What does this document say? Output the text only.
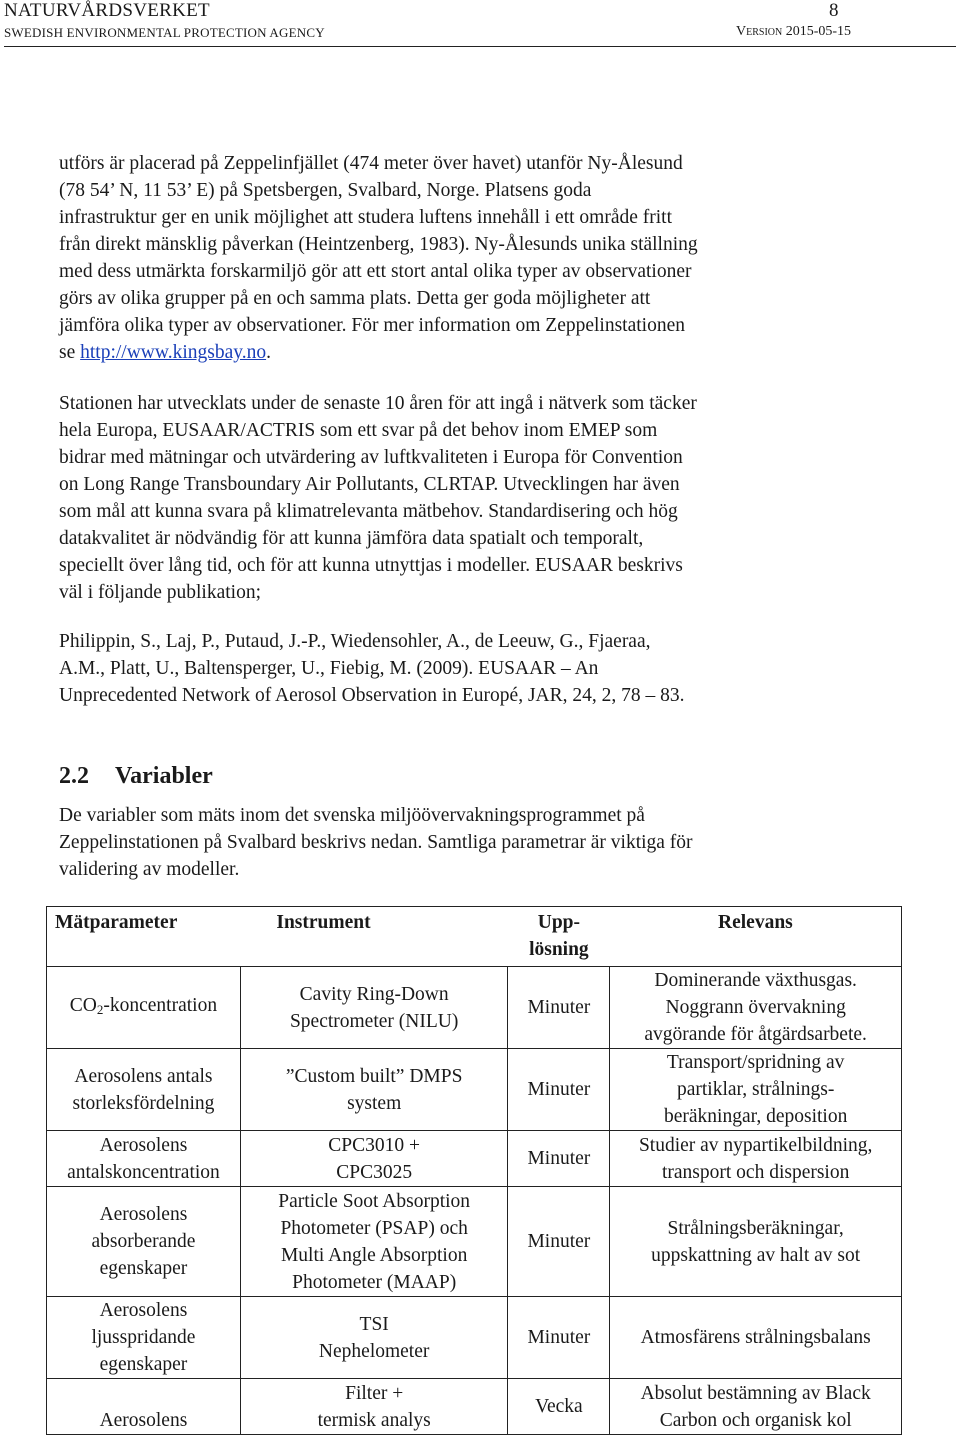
NATURVÅRDSVERKET
SWEDISH ENVIRONMENTAL PROTECTION AGENCY
8
Version 2015-05-15

utförs är placerad på Zeppelinfjället (474 meter över havet) utanför Ny-Ålesund
(78 54’ N, 11 53’ E) på Spetsbergen, Svalbard, Norge. Platsens goda
infrastruktur ger en unik möjlighet att studera luftens innehåll i ett område fritt
från direkt mänsklig påverkan (Heintzenberg, 1983). Ny-Ålesunds unika ställning
med dess utmärkta forskarmiljö gör att ett stort antal olika typer av observationer
görs av olika grupper på en och samma plats. Detta ger goda möjligheter att
jämföra olika typer av observationer. För mer information om Zeppelinstationen
se http://www.kingsbay.no.

Stationen har utvecklats under de senaste 10 åren för att ingå i nätverk som täcker
hela Europa, EUSAAR/ACTRIS som ett svar på det behov inom EMEP som
bidrar med mätningar och utvärdering av luftkvaliteten i Europa för Convention
on Long Range Transboundary Air Pollutants, CLRTAP. Utvecklingen har även
som mål att kunna svara på klimatrelevanta mätbehov. Standardisering och hög
datakvalitet är nödvändig för att kunna jämföra data spatialt och temporalt,
speciellt över lång tid, och för att kunna utnyttjas i modeller. EUSAAR beskrivs
väl i följande publikation;

Philippin, S., Laj, P., Putaud, J.-P., Wiedensohler, A., de Leeuw, G., Fjaeraa,
A.M., Platt, U., Baltensperger, U., Fiebig, M. (2009). EUSAAR – An
Unprecedented Network of Aerosol Observation in Europé, JAR, 24, 2, 78 – 83.

2.2 Variabler

De variabler som mäts inom det svenska miljöövervakningsprogrammet på
Zeppelinstationen på Svalbard beskrivs nedan. Samtliga parametrar är viktiga för
validering av modeller.

Mätparameter	Instrument	Upp-
lösning	Relevans
$CO_2$-koncentration	Cavity Ring-Down
Spectrometer (NILU)	Minuter	Dominerande växthusgas.
Noggrann övervakning
avgörande för åtgärdsarbete.
Aerosolens antals
storleksfördelning	”Custom built” DMPS
system	Minuter	Transport/spridning av
partiklar, strålnings-
beräkningar, deposition
Aerosolens
antalskoncentration	CPC3010 +
CPC3025	Minuter	Studier av nypartikelbildning,
transport och dispersion
Aerosolens
absorberande
egenskaper	Particle Soot Absorption
Photometer (PSAP) och
Multi Angle Absorption
Photometer (MAAP)	Minuter	Strålningsberäkningar,
uppskattning av halt av sot
Aerosolens
ljusspridande
egenskaper	TSI
Nephelometer	Minuter	Atmosfärens strålningsbalans
Aerosolens	Filter +
termisk analys	Vecka	Absolut bestämning av Black
Carbon och organisk kol
